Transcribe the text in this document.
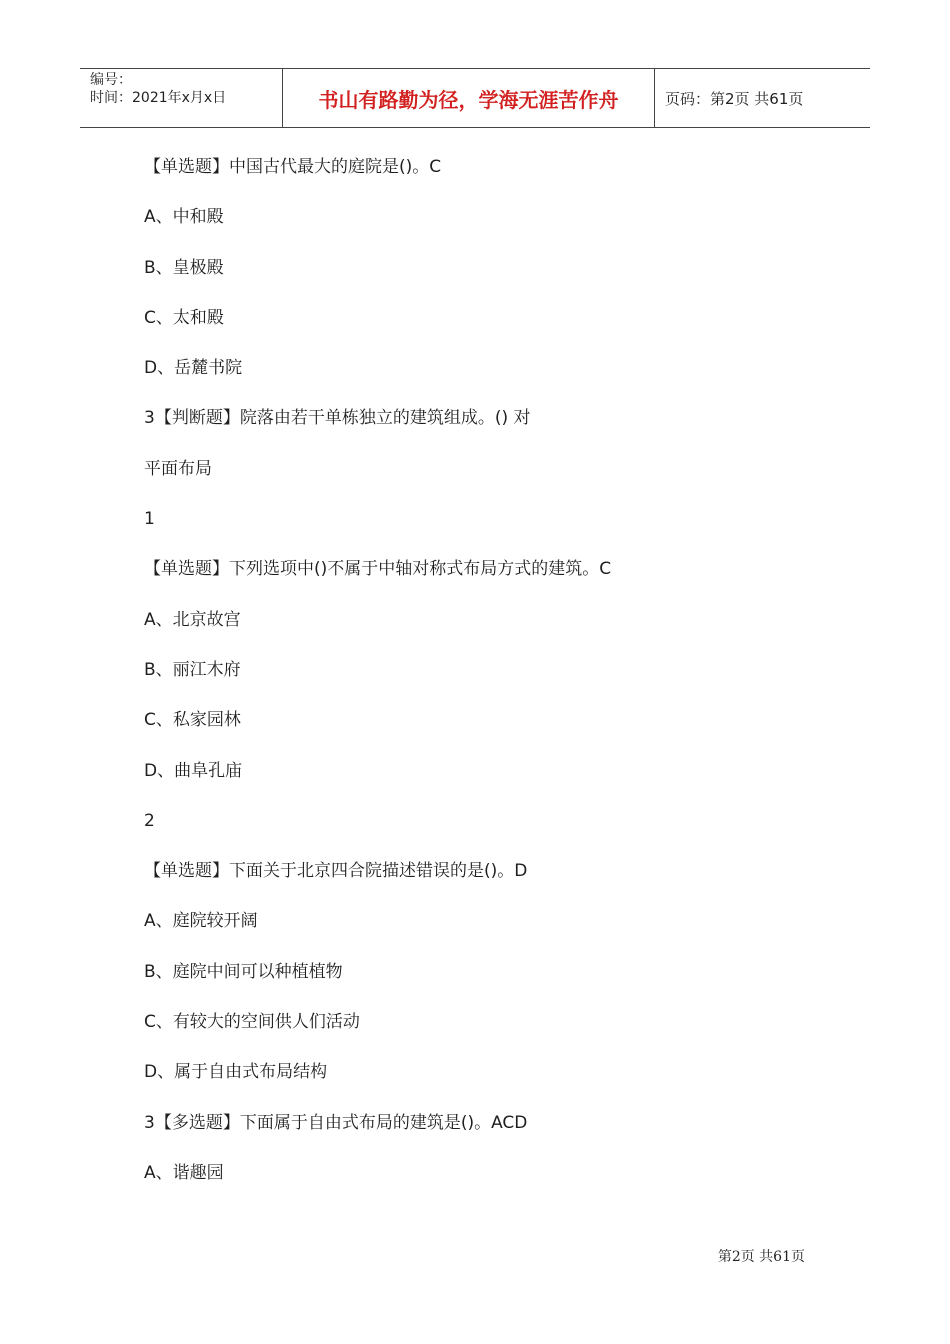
编号：
时间：2021年x月x日	书山有路勤为径，学海无涯苦作舟	页码：第2页 共61页
【单选题】中国古代最大的庭院是()。C
A、中和殿
B、皇极殿
C、太和殿
D、岳麓书院
3【判断题】院落由若干单栋独立的建筑组成。() 对
平面布局
1
【单选题】下列选项中()不属于中轴对称式布局方式的建筑。C
A、北京故宫
B、丽江木府
C、私家园林
D、曲阜孔庙
2
【单选题】下面关于北京四合院描述错误的是()。D
A、庭院较开阔
B、庭院中间可以种植植物
C、有较大的空间供人们活动
D、属于自由式布局结构
3【多选题】下面属于自由式布局的建筑是()。ACD
A、谐趣园
第2页 共61页
